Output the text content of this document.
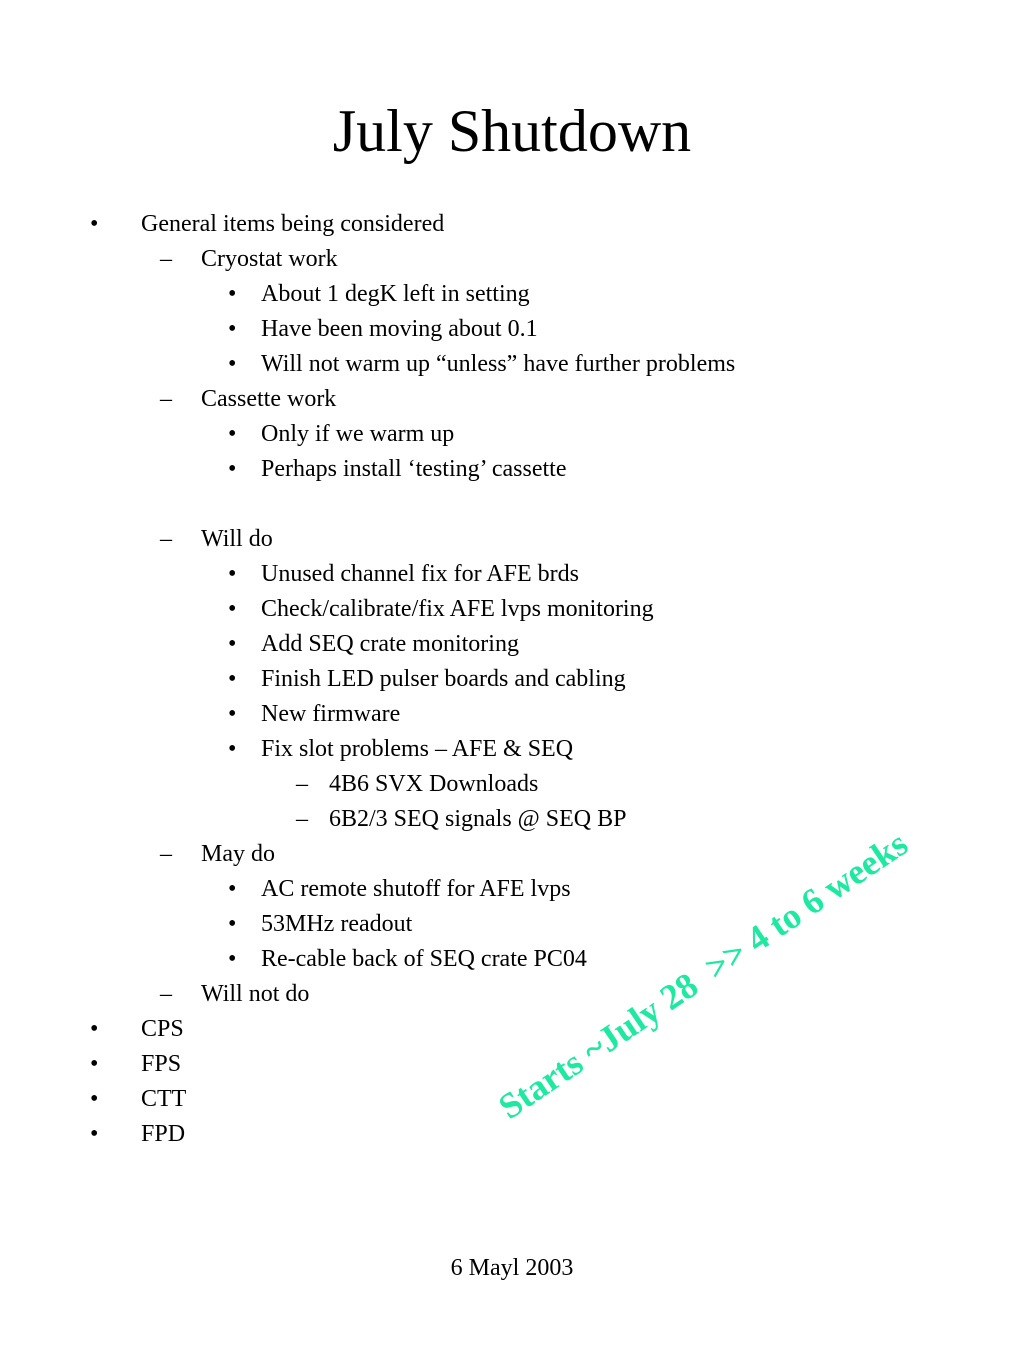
July Shutdown
• General items being considered
– Cryostat work
• About 1 degK left in setting
• Have been moving about 0.1
• Will not warm up “unless” have further problems
– Cassette work
• Only if we warm up
• Perhaps install ‘testing’ cassette
– Will do
• Unused channel fix for AFE brds
• Check/calibrate/fix AFE lvps monitoring
• Add SEQ crate monitoring
• Finish LED pulser boards and cabling
• New firmware
• Fix slot problems – AFE & SEQ
– 4B6 SVX Downloads
– 6B2/3 SEQ signals @ SEQ BP
– May do
• AC remote shutoff for AFE lvps
• 53MHz readout
• Re-cable back of SEQ crate PC04
– Will not do
• CPS
• FPS
• CTT
• FPD
Starts ~July 28  >> 4 to 6 weeks
6 Mayl 2003
